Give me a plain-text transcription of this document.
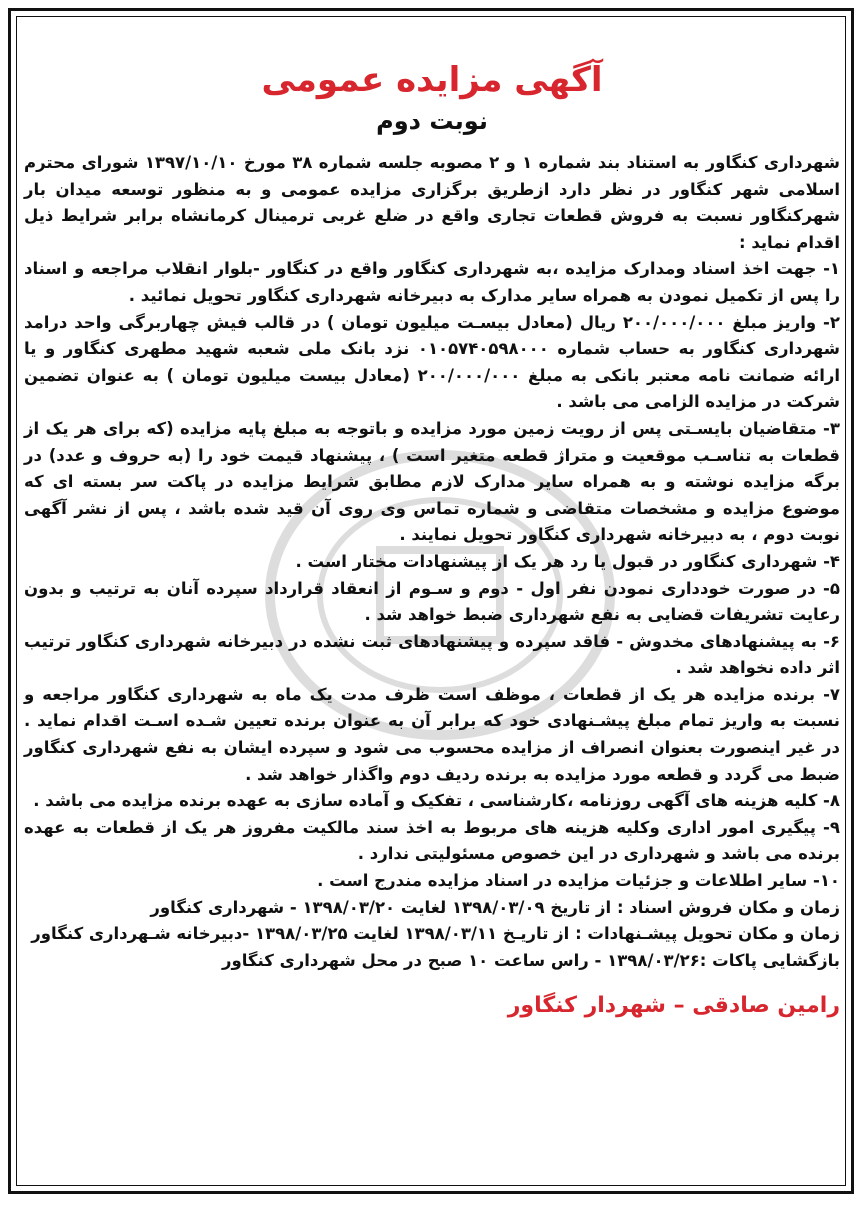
آگهی مزایده عمومی
نوبت دوم

شهرداری کنگاور به استناد بند شماره ۱ و ۲ مصوبه جلسه شماره ۳۸ مورخ ۱۳۹۷/۱۰/۱۰ شورای محترم اسلامی شهر کنگاور در نظر دارد ازطریق برگزاری مزایده عمومی و به منظور توسعه میدان بار شهرکنگاور نسبت به فروش قطعات تجاری واقع در ضلع غربی ترمینال کرمانشاه برابر شرایط ذیل اقدام نماید :

۱- جهت اخذ اسناد ومدارک مزایده ،به شهرداری کنگاور واقع در کنگاور -بلوار انقلاب مراجعه و اسناد را پس از تکمیل نمودن به همراه سایر مدارک به دبیرخانه شهرداری کنگاور تحویل نمائید .

۲- واریز مبلغ ۲۰۰/۰۰۰/۰۰۰ ریال (معادل بیسـت میلیون تومان ) در قالب فیش چهاربرگی واحد درامد شهرداری کنگاور به حساب شماره ۰۱۰۵۷۴۰۵۹۸۰۰۰ نزد بانک ملی شعبه شهید مطهری کنگاور و یا ارائه ضمانت نامه معتبر بانکی به مبلغ ۲۰۰/۰۰۰/۰۰۰ (معادل بیست میلیون تومان ) به عنوان تضمین شرکت در مزایده الزامی می باشد .

۳- متقاضیان بایسـتی پس از رویت زمین مورد مزایده و باتوجه به مبلغ پایه مزایده (که برای هر یک از قطعات به تناسـب موقعیت و متراژ قطعه متغیر است ) ، پیشنهاد قیمت خود را (به حروف و عدد) در برگه مزایده نوشته و به همراه سایر مدارک لازم مطابق شرایط مزایده در پاکت سر بسته ای که موضوع مزایده و مشخصات متقاضی و شماره تماس وی روی آن قید شده باشد ، پس از نشر آگهی نوبت دوم ، به دبیرخانه شهرداری کنگاور تحویل نمایند .

۴- شهرداری کنگاور در قبول یا رد هر یک از پیشنهادات مختار است .

۵- در صورت خودداری نمودن نفر اول - دوم و سـوم از انعقاد قرارداد سپرده آنان به ترتیب و بدون رعایت تشریفات قضایی به نفع شهرداری ضبط خواهد شد .

۶- به پیشنهادهای مخدوش - فاقد سپرده و پیشنهادهای ثبت نشده در دبیرخانه شهرداری کنگاور ترتیب اثر داده نخواهد شد .

۷- برنده مزایده هر یک از قطعات ، موظف است ظرف مدت یک ماه به شهرداری کنگاور مراجعه و نسبت به واریز تمام مبلغ پیشـنهادی خود که برابر آن به عنوان برنده تعیین شـده اسـت اقدام نماید . در غیر اینصورت بعنوان انصراف از مزایده محسوب می شود و سپرده ایشان به نفع شهرداری کنگاور ضبط می گردد و قطعه مورد مزایده به برنده ردیف دوم واگذار خواهد شد .

۸- کلیه هزینه های آگهی روزنامه ،کارشناسی ، تفکیک و آماده سازی به عهده برنده مزایده می باشد .

۹- پیگیری امور اداری وکلیه هزینه های مربوط به اخذ سند مالکیت مفروز هر یک از قطعات به عهده برنده می باشد و شهرداری در این خصوص مسئولیتی ندارد .

۱۰- سایر اطلاعات و جزئیات مزایده در اسناد مزایده مندرج است .

زمان و مکان فروش اسناد : از تاریخ ۱۳۹۸/۰۳/۰۹ لغایت ۱۳۹۸/۰۳/۲۰ - شهرداری کنگاور

زمان و مکان تحویل پیشـنهادات : از تاریـخ ۱۳۹۸/۰۳/۱۱ لغایت ۱۳۹۸/۰۳/۲۵ -دبیرخانه شـهرداری کنگاور

بازگشایی پاکات :۱۳۹۸/۰۳/۲۶ - راس ساعت ۱۰ صبح در محل شهرداری کنگاور

رامین صادقی – شهردار کنگاور
